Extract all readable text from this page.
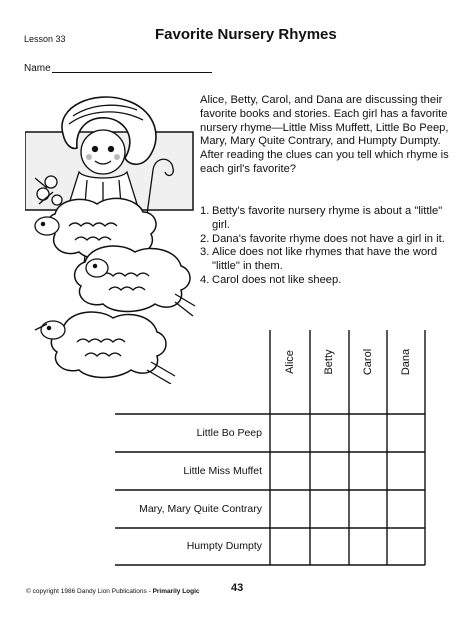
Lesson 33	Favorite Nursery Rhymes
Name

Alice, Betty, Carol, and Dana are discussing their favorite books and stories. Each girl has a favorite nursery rhyme—Little Miss Muffett, Little Bo Peep, Mary, Mary Quite Contrary, and Humpty Dumpty. After reading the clues can you tell which rhyme is each girl's favorite?

1. Betty's favorite nursery rhyme is about a "little" girl.
2. Dana's favorite rhyme does not have a girl in it.
3. Alice does not like rhymes that have the word "little" in them.
4. Carol does not like sheep.
Alice Betty Carol Dana
Little Bo Peep
Little Miss Muffet
Mary, Mary Quite Contrary
Humpty Dumpty
© copyright 1986 Dandy Lion Publications - Primarily Logic	43
